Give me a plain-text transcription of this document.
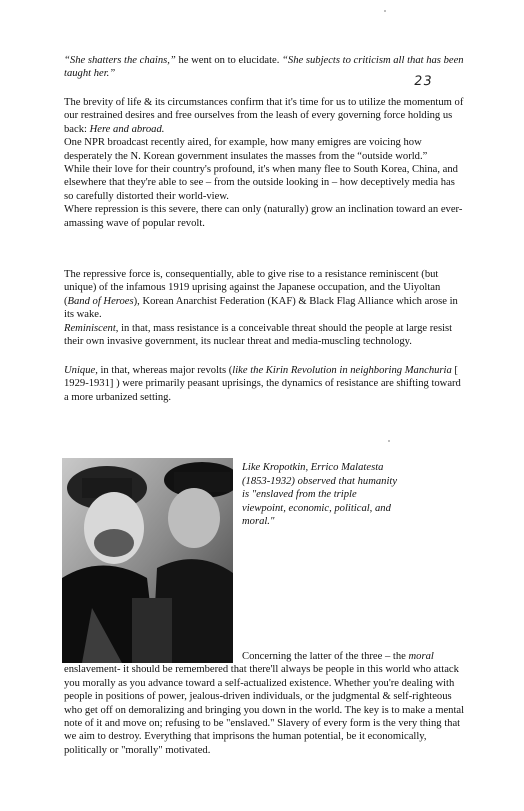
23

“She shatters the chains,” he went on to elucidate. “She subjects to criticism all that has been taught her.”

The brevity of life & its circumstances confirm that it's time for us to utilize the momentum of our restrained desires and free ourselves from the leash of every governing force holding us back: Here and abroad.
One NPR broadcast recently aired, for example, how many emigres are voicing how desperately the N. Korean government insulates the masses from the “outside world.”
While their love for their country's profound, it's when many flee to South Korea, China, and elsewhere that they're able to see – from the outside looking in – how deceptively media has so carefully distorted their world-view.
Where repression is this severe, there can only (naturally) grow an inclination toward an ever-amassing wave of popular revolt.
The repressive force is, consequentially, able to give rise to a resistance reminiscent (but unique) of the infamous 1919 uprising against the Japanese occupation, and the Uiyoltan (Band of Heroes), Korean Anarchist Federation (KAF) & Black Flag Alliance which arose in its wake.
Reminiscent, in that, mass resistance is a conceivable threat should the people at large resist their own invasive government, its nuclear threat and media-muscling technology.
Unique, in that, whereas major revolts (like the Kirin Revolution in neighboring Manchuria [ 1929-1931] ) were primarily peasant uprisings, the dynamics of resistance are shifting toward a more urbanized setting.

Like Kropotkin, Errico Malatesta (1853-1932) observed that humanity is "enslaved from the triple viewpoint, economic, political, and moral."

Concerning the latter of the three – the moral
enslavement- it should be remembered that there'll always be people in this world who attack you morally as you advance toward a self-actualized existence. Whether you're dealing with people in positions of power, jealous-driven individuals, or the judgmental & self-righteous who get off on demoralizing and bringing you down in the world. The key is to make a mental note of it and move on; refusing to be "enslaved." Slavery of every form is the very thing that we aim to destroy. Everything that imprisons the human potential, be it economically, politically or "morally" motivated.
